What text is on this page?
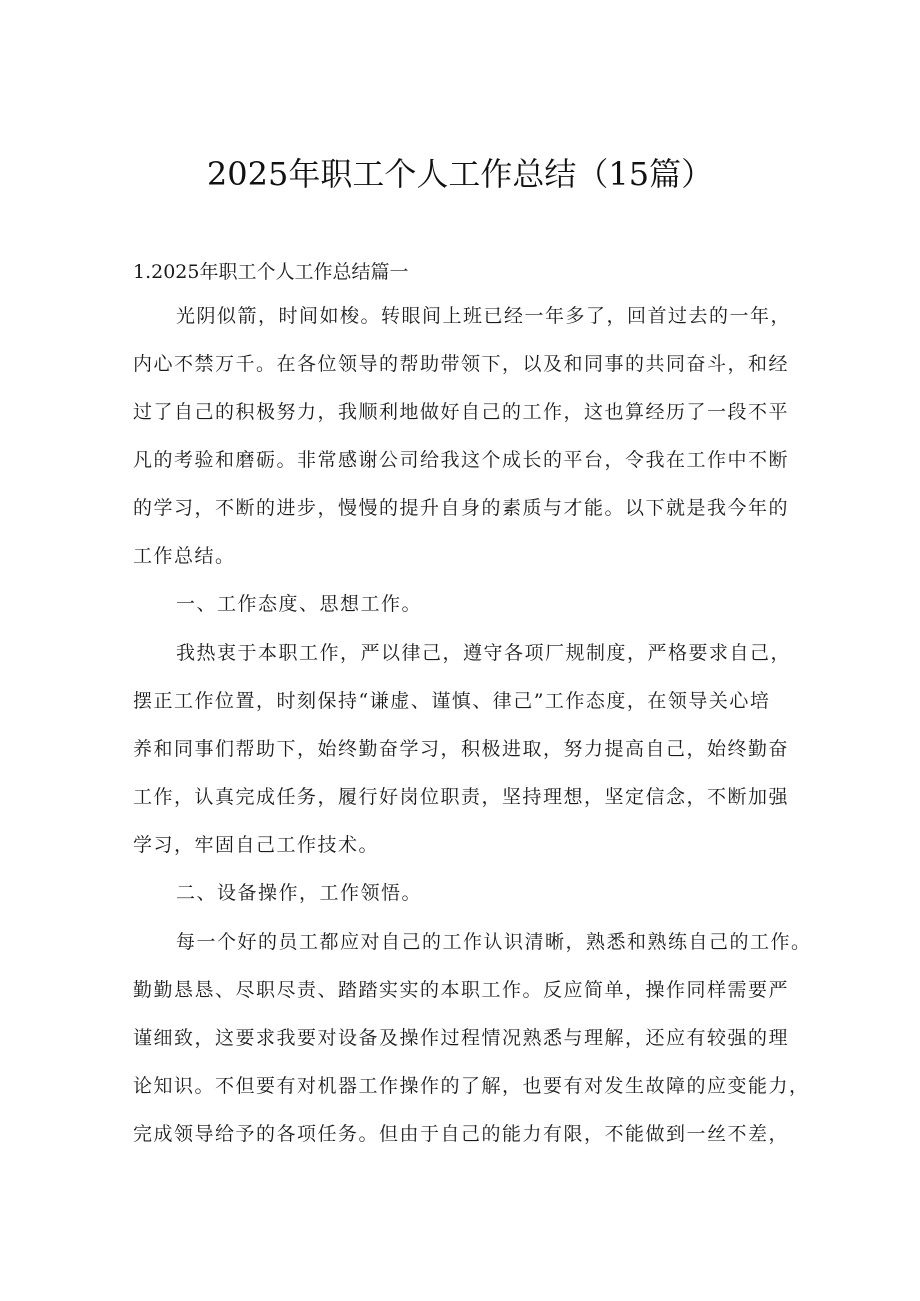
2025年职工个人工作总结（15篇）
1.2025年职工个人工作总结篇一
光阴似箭，时间如梭。转眼间上班已经一年多了，回首过去的一年，
内心不禁万千。在各位领导的帮助带领下，以及和同事的共同奋斗，和经
过了自己的积极努力，我顺利地做好自己的工作，这也算经历了一段不平
凡的考验和磨砺。非常感谢公司给我这个成长的平台，令我在工作中不断
的学习，不断的进步，慢慢的提升自身的素质与才能。以下就是我今年的
工作总结。
一、工作态度、思想工作。
我热衷于本职工作，严以律己，遵守各项厂规制度，严格要求自己，
摆正工作位置，时刻保持“谦虚、谨慎、律己”工作态度，在领导关心培
养和同事们帮助下，始终勤奋学习，积极进取，努力提高自己，始终勤奋
工作，认真完成任务，履行好岗位职责，坚持理想，坚定信念，不断加强
学习，牢固自己工作技术。
二、设备操作，工作领悟。
每一个好的员工都应对自己的工作认识清晰，熟悉和熟练自己的工作。
勤勤恳恳、尽职尽责、踏踏实实的本职工作。反应简单，操作同样需要严
谨细致，这要求我要对设备及操作过程情况熟悉与理解，还应有较强的理
论知识。不但要有对机器工作操作的了解，也要有对发生故障的应变能力，
完成领导给予的各项任务。但由于自己的能力有限，不能做到一丝不差，
